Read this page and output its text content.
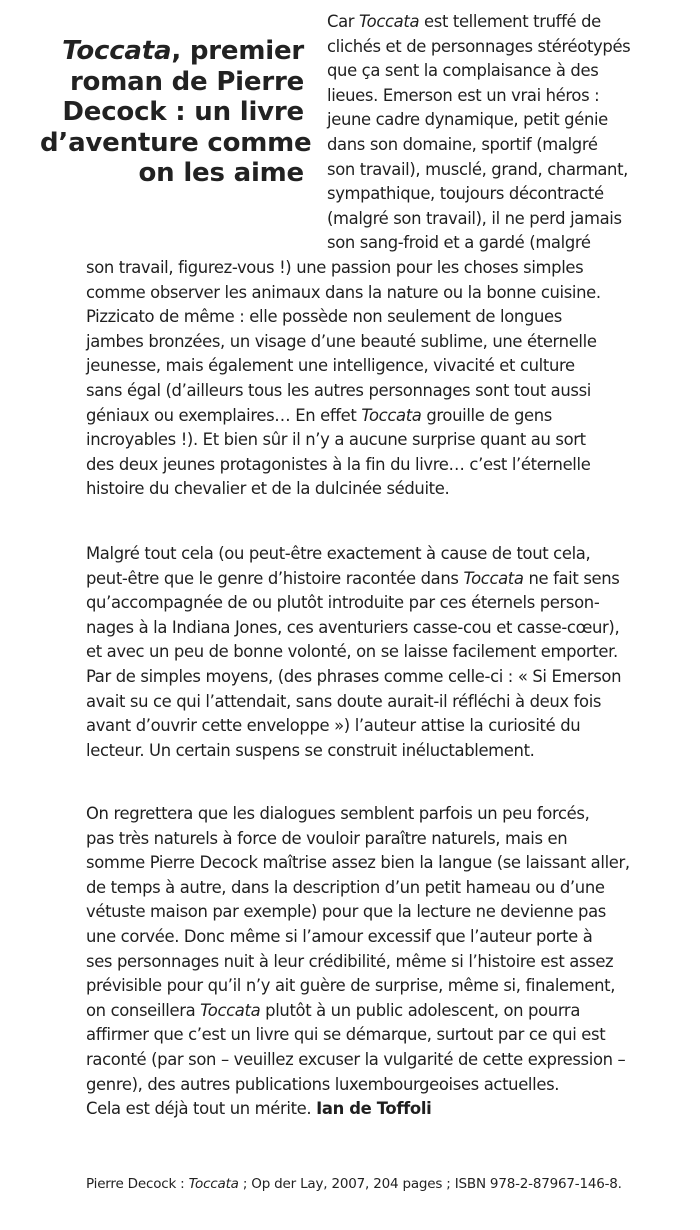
Toccata, premier
roman de Pierre
Decock : un livre
d’aventure comme
on les aime
Car Toccata est tellement truffé de
clichés et de personnages stéréotypés
que ça sent la complaisance à des
lieues. Emerson est un vrai héros :
jeune cadre dynamique, petit génie
dans son domaine, sportif (malgré
son travail), musclé, grand, charmant,
sympathique, toujours décontracté
(malgré son travail), il ne perd jamais
son sang-froid et a gardé (malgré
son travail, figurez-vous !) une passion pour les choses simples
comme observer les animaux dans la nature ou la bonne cuisine.
Pizzicato de même : elle possède non seulement de longues
jambes bronzées, un visage d’une beauté sublime, une éternelle
jeunesse, mais également une intelligence, vivacité et culture
sans égal (d’ailleurs tous les autres personnages sont tout aussi
géniaux ou exemplaires… En effet Toccata grouille de gens
incroyables !). Et bien sûr il n’y a aucune surprise quant au sort
des deux jeunes protagonistes à la fin du livre… c’est l’éternelle
histoire du chevalier et de la dulcinée séduite.
Malgré tout cela (ou peut-être exactement à cause de tout cela,
peut-être que le genre d’histoire racontée dans Toccata ne fait sens
qu’accompagnée de ou plutôt introduite par ces éternels person-
nages à la Indiana Jones, ces aventuriers casse-cou et casse-cœur),
et avec un peu de bonne volonté, on se laisse facilement emporter.
Par de simples moyens, (des phrases comme celle-ci : « Si Emerson
avait su ce qui l’attendait, sans doute aurait-il réfléchi à deux fois
avant d’ouvrir cette enveloppe ») l’auteur attise la curiosité du
lecteur. Un certain suspens se construit inéluctablement.
On regrettera que les dialogues semblent parfois un peu forcés,
pas très naturels à force de vouloir paraître naturels, mais en
somme Pierre Decock maîtrise assez bien la langue (se laissant aller,
de temps à autre, dans la description d’un petit hameau ou d’une
vétuste maison par exemple) pour que la lecture ne devienne pas
une corvée. Donc même si l’amour excessif que l’auteur porte à
ses personnages nuit à leur crédibilité, même si l’histoire est assez
prévisible pour qu’il n’y ait guère de surprise, même si, finalement,
on conseillera Toccata plutôt à un public adolescent, on pourra
affirmer que c’est un livre qui se démarque, surtout par ce qui est
raconté (par son – veuillez excuser la vulgarité de cette expression –
genre), des autres publications luxembourgeoises actuelles.
Cela est déjà tout un mérite. Ian de Toffoli
Pierre Decock : Toccata ; Op der Lay, 2007, 204 pages ; ISBN 978-2-87967-146-8.
